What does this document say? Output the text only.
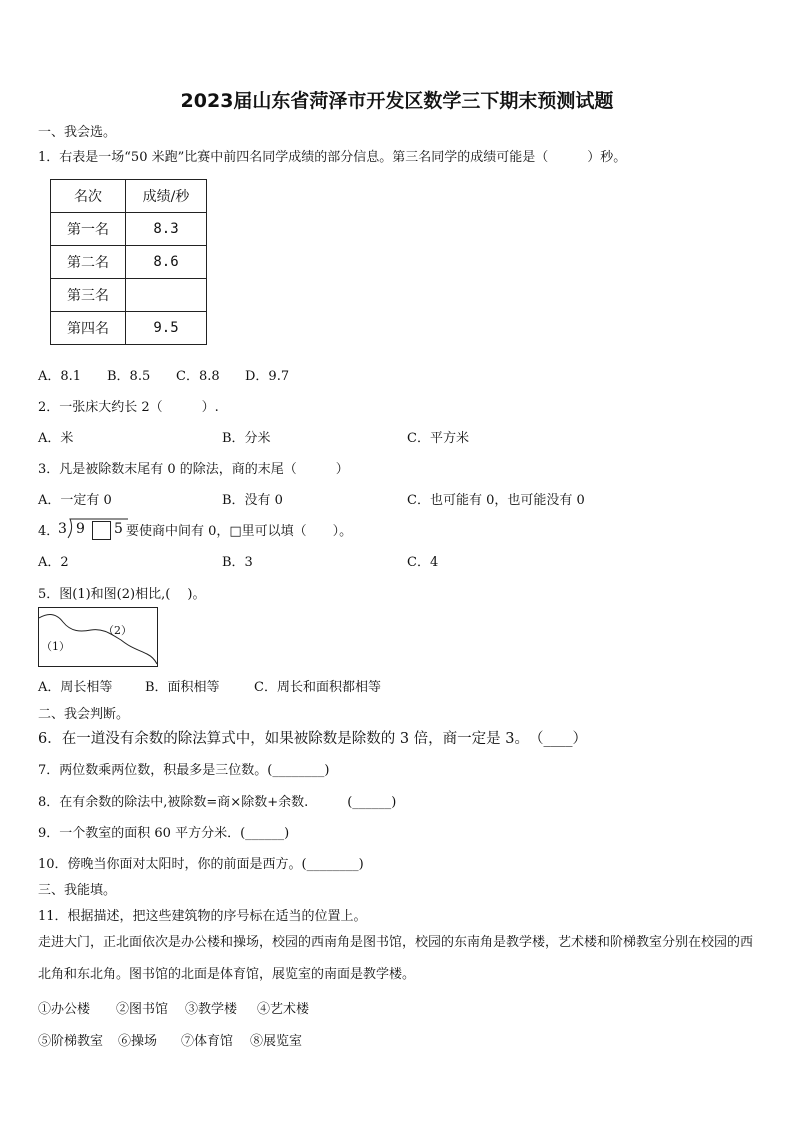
2023届山东省菏泽市开发区数学三下期末预测试题
一、我会选。
1．右表是一场“50 米跑”比赛中前四名同学成绩的部分信息。第三名同学的成绩可能是（　　　）秒。
名次	成绩/秒
第一名	8.3
第二名	8.6
第三名	
第四名	9.5
A．8.1 B．8.5 C．8.8 D．9.7
2．一张床大约长 2（　　　）.
A．米	B．分米	C．平方米
3．凡是被除数末尾有 0 的除法，商的末尾（　　　）
A．一定有 0	B．没有 0	C．也可能有 0，也可能没有 0
4．
3 9 5 要使商中间有 0，□里可以填（　　）。
A．2	B．3	C．4
5．图(1)和图(2)相比,(　 )。
（1）
（2）
A．周长相等	B．面积相等	C．周长和面积都相等
二、我会判断。
6．在一道没有余数的除法算式中，如果被除数是除数的 3 倍，商一定是 3。　（____）
7．两位数乘两位数，积最多是三位数。(________)
8．在有余数的除法中,被除数=商×除数+余数.　　　(______)
9．一个教室的面积 60 平方分米．(______)
10．傍晚当你面对太阳时，你的前面是西方。(________)
三、我能填。
11．根据描述，把这些建筑物的序号标在适当的位置上。
走进大门，正北面依次是办公楼和操场，校园的西南角是图书馆，校园的东南角是教学楼，艺术楼和阶梯教室分别在校园的西北角和东北角。图书馆的北面是体育馆，展览室的南面是教学楼。
①办公楼 ②图书馆 ③教学楼 ④艺术楼
⑤阶梯教室 ⑥操场 ⑦体育馆 ⑧展览室
